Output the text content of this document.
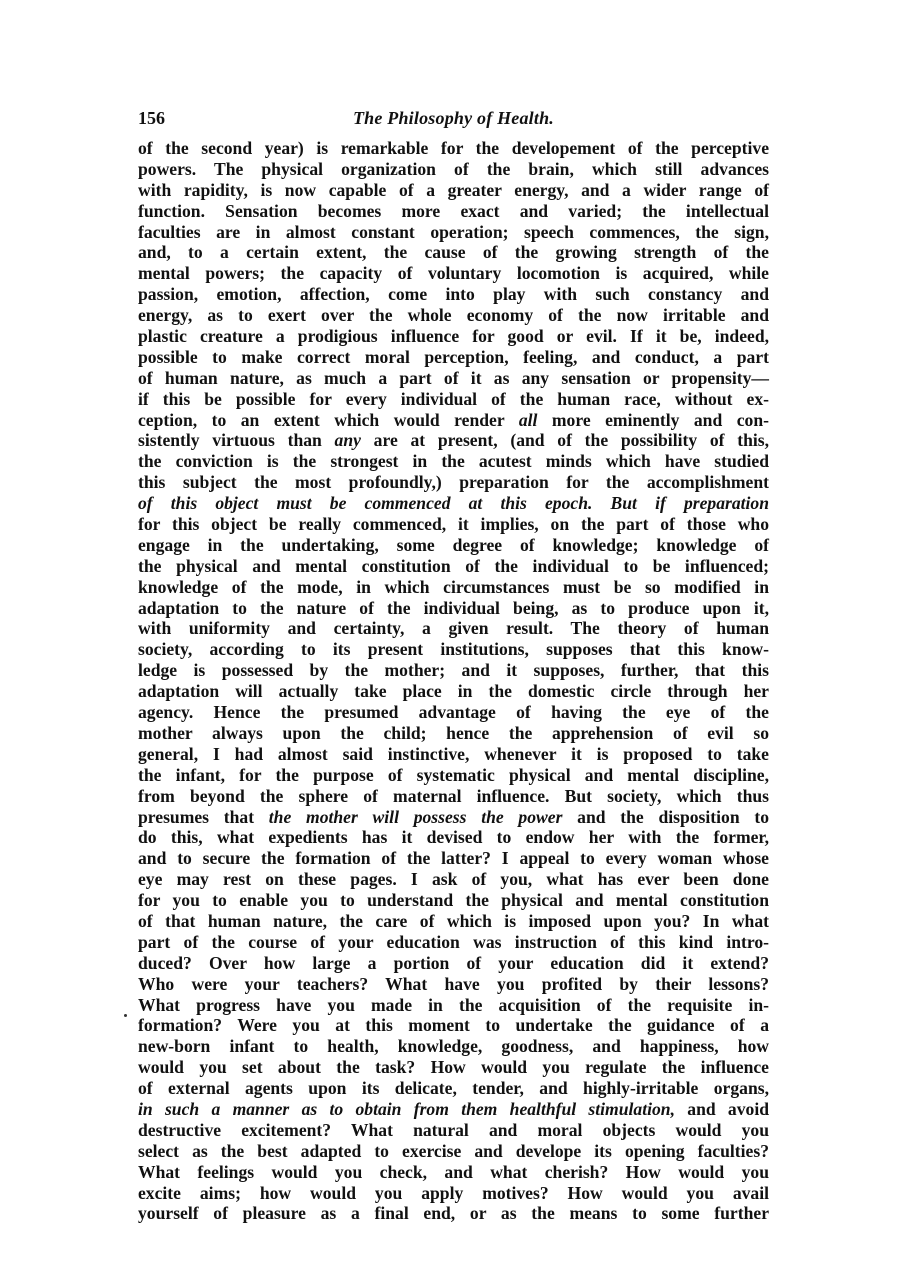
156	The Philosophy of Health.
of the second year) is remarkable for the developement of the perceptive
powers. The physical organization of the brain, which still advances
with rapidity, is now capable of a greater energy, and a wider range of
function. Sensation becomes more exact and varied; the intellectual
faculties are in almost constant operation; speech commences, the sign,
and, to a certain extent, the cause of the growing strength of the
mental powers; the capacity of voluntary locomotion is acquired, while
passion, emotion, affection, come into play with such constancy and
energy, as to exert over the whole economy of the now irritable and
plastic creature a prodigious influence for good or evil. If it be, indeed,
possible to make correct moral perception, feeling, and conduct, a part
of human nature, as much a part of it as any sensation or propensity—
if this be possible for every individual of the human race, without ex-
ception, to an extent which would render all more eminently and con-
sistently virtuous than any are at present, (and of the possibility of this,
the conviction is the strongest in the acutest minds which have studied
this subject the most profoundly,) preparation for the accomplishment
of this object must be commenced at this epoch. But if preparation
for this object be really commenced, it implies, on the part of those who
engage in the undertaking, some degree of knowledge; knowledge of
the physical and mental constitution of the individual to be influenced;
knowledge of the mode, in which circumstances must be so modified in
adaptation to the nature of the individual being, as to produce upon it,
with uniformity and certainty, a given result. The theory of human
society, according to its present institutions, supposes that this know-
ledge is possessed by the mother; and it supposes, further, that this
adaptation will actually take place in the domestic circle through her
agency. Hence the presumed advantage of having the eye of the
mother always upon the child; hence the apprehension of evil so
general, I had almost said instinctive, whenever it is proposed to take
the infant, for the purpose of systematic physical and mental discipline,
from beyond the sphere of maternal influence. But society, which thus
presumes that the mother will possess the power and the disposition to
do this, what expedients has it devised to endow her with the former,
and to secure the formation of the latter? I appeal to every woman whose
eye may rest on these pages. I ask of you, what has ever been done
for you to enable you to understand the physical and mental constitution
of that human nature, the care of which is imposed upon you? In what
part of the course of your education was instruction of this kind intro-
duced? Over how large a portion of your education did it extend?
Who were your teachers? What have you profited by their lessons?
What progress have you made in the acquisition of the requisite in-
formation? Were you at this moment to undertake the guidance of a
new-born infant to health, knowledge, goodness, and happiness, how
would you set about the task? How would you regulate the influence
of external agents upon its delicate, tender, and highly-irritable organs,
in such a manner as to obtain from them healthful stimulation, and avoid
destructive excitement? What natural and moral objects would you
select as the best adapted to exercise and develope its opening faculties?
What feelings would you check, and what cherish? How would you
excite aims; how would you apply motives? How would you avail
yourself of pleasure as a final end, or as the means to some further
